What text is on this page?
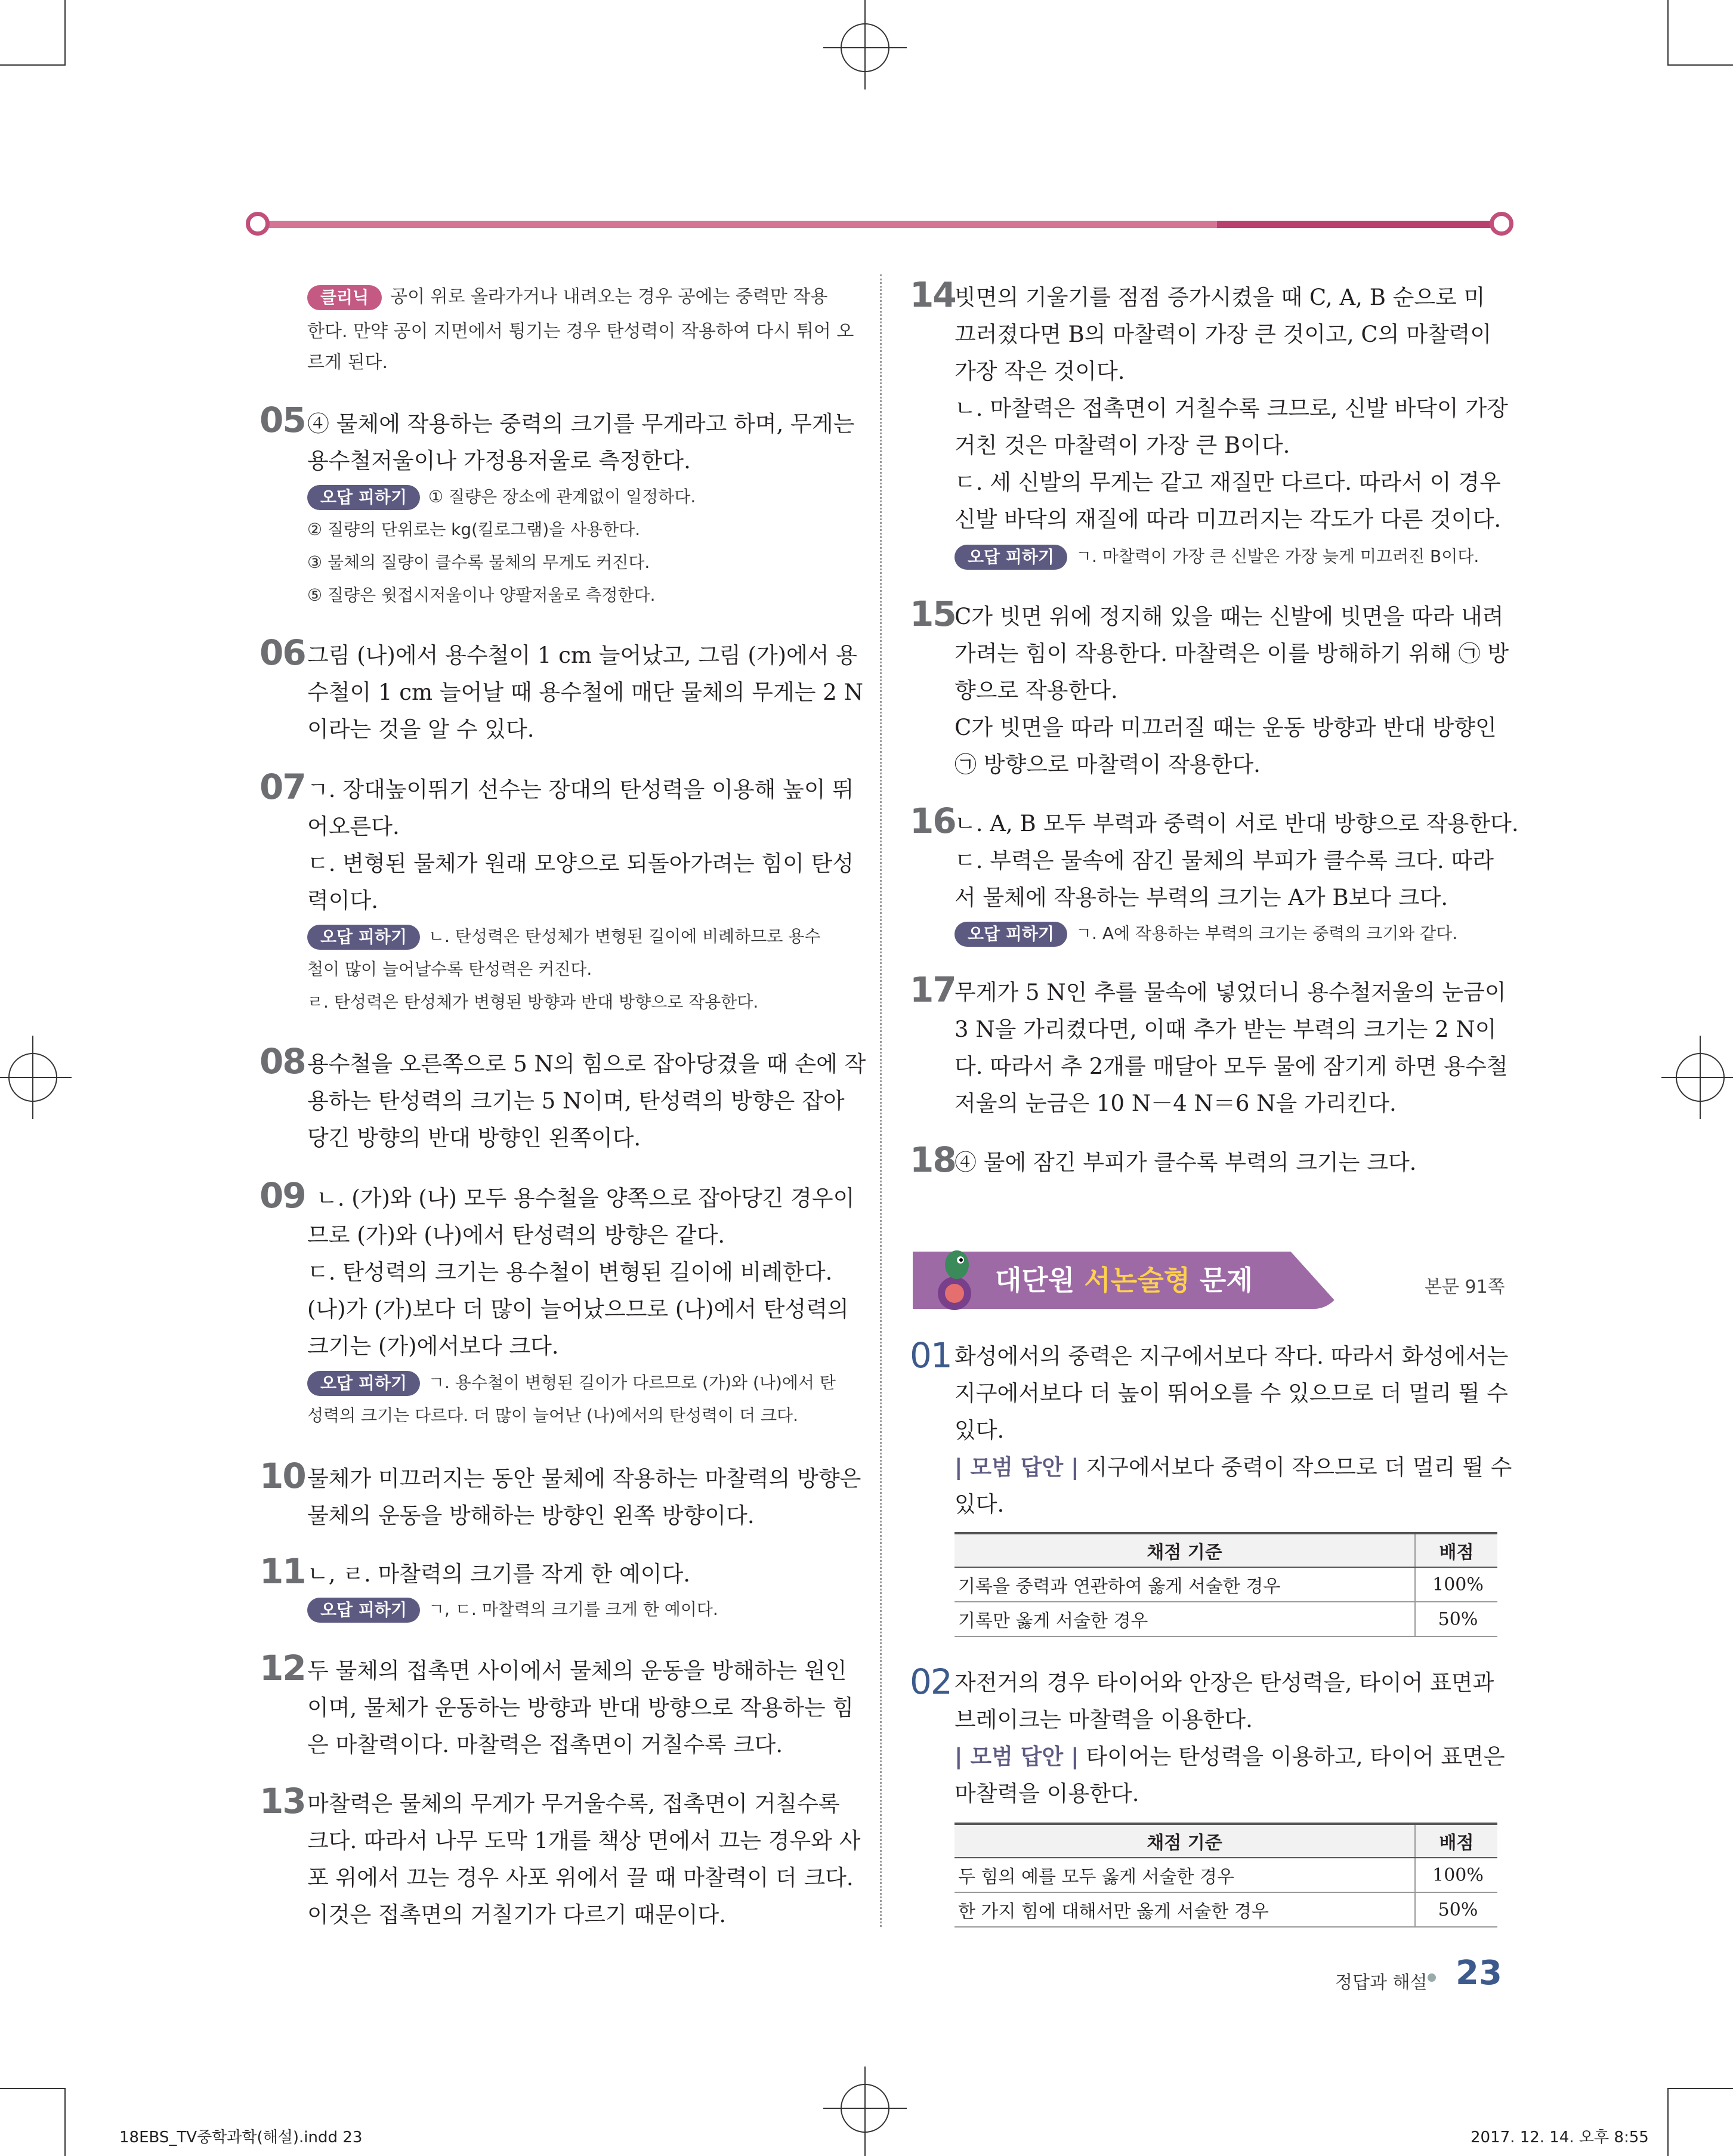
클리닉 공이 위로 올라가거나 내려오는 경우 공에는 중력만 작용
한다. 만약 공이 지면에서 튕기는 경우 탄성력이 작용하여 다시 튀어 오
르게 된다.
05 ④ 물체에 작용하는 중력의 크기를 무게라고 하며, 무게는
용수철저울이나 가정용저울로 측정한다.
오답 피하기 ① 질량은 장소에 관계없이 일정하다.
② 질량의 단위로는 kg(킬로그램)을 사용한다.
③ 물체의 질량이 클수록 물체의 무게도 커진다.
⑤ 질량은 윗접시저울이나 양팔저울로 측정한다.
06 그림 (나)에서 용수철이 1 cm 늘어났고, 그림 (가)에서 용
수철이 1 cm 늘어날 때 용수철에 매단 물체의 무게는 2 N
이라는 것을 알 수 있다.
07 ㄱ. 장대높이뛰기 선수는 장대의 탄성력을 이용해 높이 뛰
어오른다.
ㄷ. 변형된 물체가 원래 모양으로 되돌아가려는 힘이 탄성
력이다.
오답 피하기 ㄴ. 탄성력은 탄성체가 변형된 길이에 비례하므로 용수
철이 많이 늘어날수록 탄성력은 커진다.
ㄹ. 탄성력은 탄성체가 변형된 방향과 반대 방향으로 작용한다.
08 용수철을 오른쪽으로 5 N의 힘으로 잡아당겼을 때 손에 작
용하는 탄성력의 크기는 5 N이며, 탄성력의 방향은 잡아
당긴 방향의 반대 방향인 왼쪽이다.
09 ㄴ. (가)와 (나) 모두 용수철을 양쪽으로 잡아당긴 경우이
므로 (가)와 (나)에서 탄성력의 방향은 같다.
ㄷ. 탄성력의 크기는 용수철이 변형된 길이에 비례한다.
(나)가 (가)보다 더 많이 늘어났으므로 (나)에서 탄성력의
크기는 (가)에서보다 크다.
오답 피하기 ㄱ. 용수철이 변형된 길이가 다르므로 (가)와 (나)에서 탄
성력의 크기는 다르다. 더 많이 늘어난 (나)에서의 탄성력이 더 크다.
10 물체가 미끄러지는 동안 물체에 작용하는 마찰력의 방향은
물체의 운동을 방해하는 방향인 왼쪽 방향이다.
11 ㄴ, ㄹ. 마찰력의 크기를 작게 한 예이다.
오답 피하기 ㄱ, ㄷ. 마찰력의 크기를 크게 한 예이다.
12 두 물체의 접촉면 사이에서 물체의 운동을 방해하는 원인
이며, 물체가 운동하는 방향과 반대 방향으로 작용하는 힘
은 마찰력이다. 마찰력은 접촉면이 거칠수록 크다.
13 마찰력은 물체의 무게가 무거울수록, 접촉면이 거칠수록
크다. 따라서 나무 도막 1개를 책상 면에서 끄는 경우와 사
포 위에서 끄는 경우 사포 위에서 끌 때 마찰력이 더 크다.
이것은 접촉면의 거칠기가 다르기 때문이다.
14
빗면의 기울기를 점점 증가시켰을 때 C, A, B 순으로 미
끄러졌다면 B의 마찰력이 가장 큰 것이고, C의 마찰력이
가장 작은 것이다.
ㄴ. 마찰력은 접촉면이 거칠수록 크므로, 신발 바닥이 가장
거친 것은 마찰력이 가장 큰 B이다.
ㄷ. 세 신발의 무게는 같고 재질만 다르다. 따라서 이 경우
신발 바닥의 재질에 따라 미끄러지는 각도가 다른 것이다.
오답 피하기 ㄱ. 마찰력이 가장 큰 신발은 가장 늦게 미끄러진 B이다.
15
C가 빗면 위에 정지해 있을 때는 신발에 빗면을 따라 내려
가려는 힘이 작용한다. 마찰력은 이를 방해하기 위해 ㉠ 방
향으로 작용한다.
C가 빗면을 따라 미끄러질 때는 운동 방향과 반대 방향인
㉠ 방향으로 마찰력이 작용한다.
16
ㄴ. A, B 모두 부력과 중력이 서로 반대 방향으로 작용한다.
ㄷ. 부력은 물속에 잠긴 물체의 부피가 클수록 크다. 따라
서 물체에 작용하는 부력의 크기는 A가 B보다 크다.
오답 피하기 ㄱ. A에 작용하는 부력의 크기는 중력의 크기와 같다.
17
무게가 5 N인 추를 물속에 넣었더니 용수철저울의 눈금이
3 N을 가리켰다면, 이때 추가 받는 부력의 크기는 2 N이
다. 따라서 추 2개를 매달아 모두 물에 잠기게 하면 용수철
저울의 눈금은 10 N－4 N＝6 N을 가리킨다.
18
④ 물에 잠긴 부피가 클수록 부력의 크기는 크다.
대단원 서논술형 문제	본문 91쪽
01 화성에서의 중력은 지구에서보다 작다. 따라서 화성에서는
지구에서보다 더 높이 뛰어오를 수 있으므로 더 멀리 뛸 수
있다.
| 모범 답안 | 지구에서보다 중력이 작으므로 더 멀리 뛸 수
있다.
채점 기준	배점
기록을 중력과 연관하여 옳게 서술한 경우	100%
기록만 옳게 서술한 경우	50%
02 자전거의 경우 타이어와 안장은 탄성력을, 타이어 표면과
브레이크는 마찰력을 이용한다.
| 모범 답안 | 타이어는 탄성력을 이용하고, 타이어 표면은
마찰력을 이용한다.
채점 기준	배점
두 힘의 예를 모두 옳게 서술한 경우	100%
한 가지 힘에 대해서만 옳게 서술한 경우	50%
정답과 해설 23
18EBS_TV중학과학(해설).indd 23	2017. 12. 14. 오후 8:55
